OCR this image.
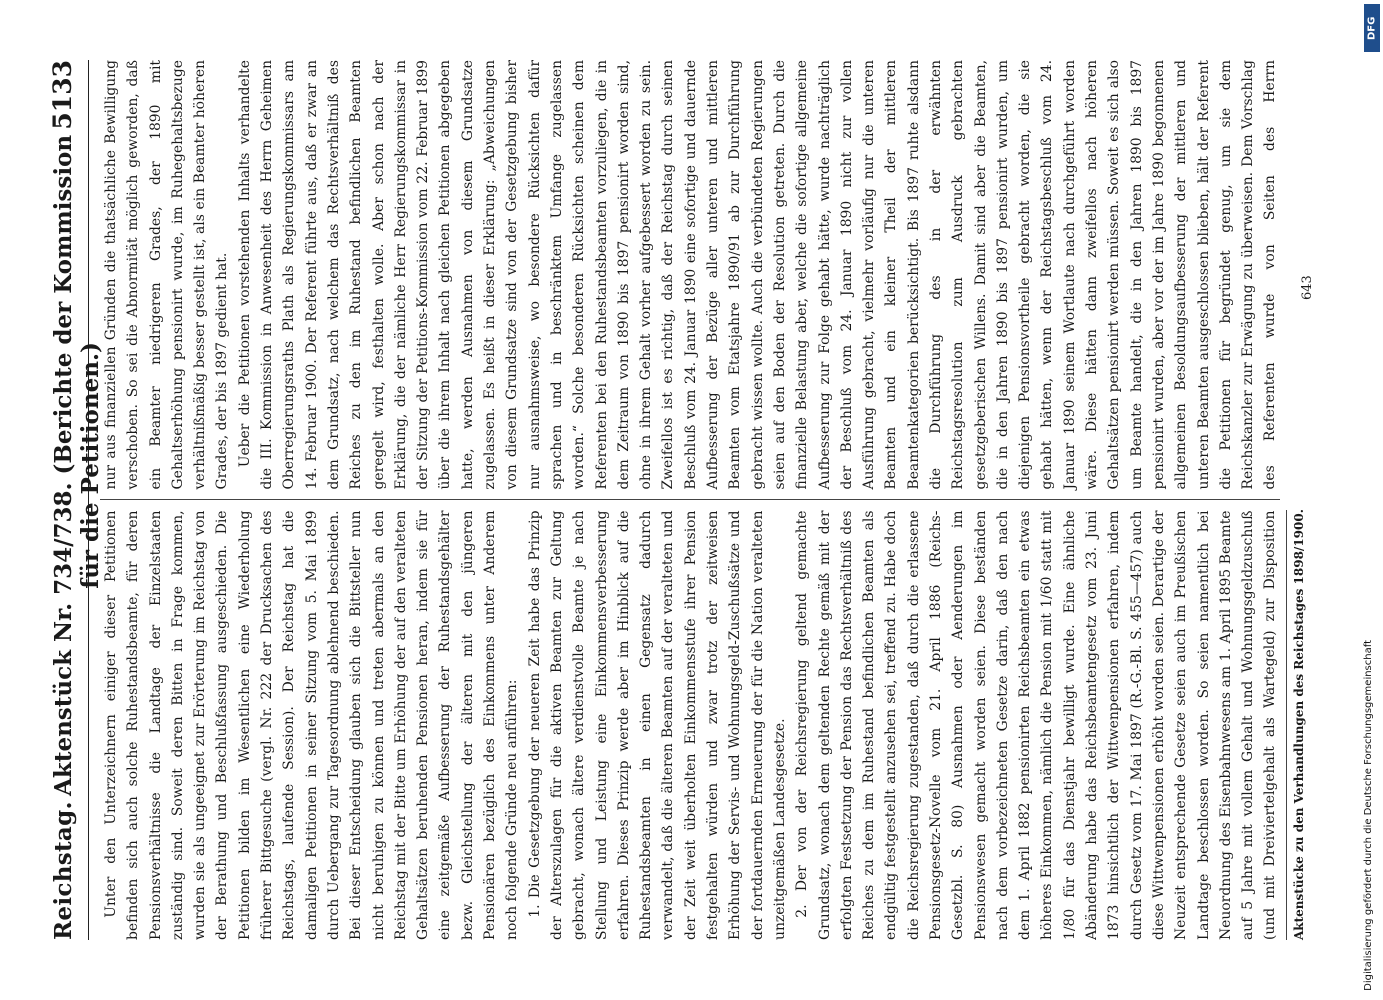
Reichstag.
Aktenstück Nr. 734/738. (Berichte der Kommission für die Petitionen.)
5133

Unter den Unterzeichnern einiger dieser Petitionen befinden sich auch solche Ruhestandsbeamte, für deren Pensionsverhältnisse die Landtage der Einzelstaaten zuständig sind. Soweit deren Bitten in Frage kommen, wurden sie als ungeeignet zur Erörterung im Reichstag von der Berathung und Beschlußfassung ausgeschieden. Die Petitionen bilden im Wesentlichen eine Wiederholung früherer Bittgesuche (vergl. Nr. 222 der Drucksachen des Reichstags, laufende Session). Der Reichstag hat die damaligen Petitionen in seiner Sitzung vom 5. Mai 1899 durch Uebergang zur Tagesordnung ablehnend beschieden. Bei dieser Entscheidung glauben sich die Bittsteller nun nicht beruhigen zu können und treten abermals an den Reichstag mit der Bitte um Erhöhung der auf den veralteten Gehaltsätzen beruhenden Pensionen heran, indem sie für eine zeitgemäße Aufbesserung der Ruhestandsgehälter bezw. Gleichstellung der älteren mit den jüngeren Pensionären bezüglich des Einkommens unter Anderem noch folgende Gründe neu anführen: 1. Die Gesetzgebung der neueren Zeit habe das Prinzip der Alterszulagen für die aktiven Beamten zur Geltung gebracht, wonach ältere verdienstvolle Beamte je nach Stellung und Leistung eine Einkommensverbesserung erfahren. Dieses Prinzip werde aber im Hinblick auf die Ruhestandsbeamten in einen Gegensatz dadurch verwandelt, daß die älteren Beamten auf der veralteten und der Zeit weit überholten Einkommensstufe ihrer Pension festgehalten würden und zwar trotz der zeitweisen Erhöhung der Servis- und Wohnungsgeld-Zuschußsätze und der fortdauernden Erneuerung der für die Nation veralteten unzeitgemäßen Landesgesetze. 2. Der von der Reichsregierung geltend gemachte Grundsatz, wonach dem geltenden Rechte gemäß mit der erfolgten Festsetzung der Pension das Rechtsverhältniß des Reiches zu dem im Ruhestand befindlichen Beamten als endgültig festgestellt anzusehen sei, treffend zu. Habe doch die Reichsregierung zugestanden, daß durch die erlassene Pensionsgesetz-Novelle vom 21. April 1886 (Reichs-Gesetzbl. S. 80) Ausnahmen oder Aenderungen im Pensionswesen gemacht worden seien. Diese beständen nach dem vorbezeichneten Gesetze darin, daß den nach dem 1. April 1882 pensionirten Reichsbeamten ein etwas höheres Einkommen, nämlich die Pension mit 1/60 statt mit 1/80 für das Dienstjahr bewilligt wurde. Eine ähnliche Abänderung habe das Reichsbeamtengesetz vom 23. Juni 1873 hinsichtlich der Wittwenpensionen erfahren, indem durch Gesetz vom 17. Mai 1897 (R.-G.-Bl. S. 455—457) auch diese Wittwenpensionen erhöht worden seien. Derartige der Neuzeit entsprechende Gesetze seien auch im Preußischen Landtage beschlossen worden. So seien namentlich bei Neuordnung des Eisenbahnwesens am 1. April 1895 Beamte auf 5 Jahre mit vollem Gehalt und Wohnungsgeldzuschuß (und mit Dreiviertelgehalt als Wartegeld) zur Disposition

nur aus finanziellen Gründen die thatsächliche Bewilligung verschoben. So sei die Abnormität möglich geworden, daß ein Beamter niedrigeren Grades, der 1890 mit Gehaltserhöhung pensionirt wurde, im Ruhegehaltsbezuge verhältnißmäßig besser gestellt ist, als ein Beamter höheren Grades, der bis 1897 gedient hat. Ueber die Petitionen vorstehenden Inhalts verhandelte die III. Kommission in Anwesenheit des Herrn Geheimen Oberregierungsraths Plath als Regierungskommissars am 14. Februar 1900. Der Referent führte aus, daß er zwar an dem Grundsatz, nach welchem das Rechtsverhältniß des Reiches zu den im Ruhestand befindlichen Beamten geregelt wird, festhalten wolle. Aber schon nach der Erklärung, die der nämliche Herr Regierungskommissar in der Sitzung der Petitions-Kommission vom 22. Februar 1899 über die ihrem Inhalt nach gleichen Petitionen abgegeben hatte, werden Ausnahmen von diesem Grundsatze zugelassen. Es heißt in dieser Erklärung: „Abweichungen von diesem Grundsatze sind von der Gesetzgebung bisher nur ausnahmsweise, wo besondere Rücksichten dafür sprachen und in beschränktem Umfange zugelassen worden.“ Solche besonderen Rücksichten scheinen dem Referenten bei den Ruhestandsbeamten vorzuliegen, die in dem Zeitraum von 1890 bis 1897 pensionirt worden sind, ohne in ihrem Gehalt vorher aufgebessert worden zu sein. Zweifellos ist es richtig, daß der Reichstag durch seinen Beschluß vom 24. Januar 1890 eine sofortige und dauernde Aufbesserung der Bezüge aller unteren und mittleren Beamten vom Etatsjahre 1890/91 ab zur Durchführung gebracht wissen wollte. Auch die verbündeten Regierungen seien auf den Boden der Resolution getreten. Durch die finanzielle Belastung aber, welche die sofortige allgemeine Aufbesserung zur Folge gehabt hätte, wurde nachträglich der Beschluß vom 24. Januar 1890 nicht zur vollen Ausführung gebracht, vielmehr vorläufig nur die unteren Beamten und ein kleiner Theil der mittleren Beamtenkategorien berücksichtigt. Bis 1897 ruhte alsdann die Durchführung des in der erwähnten Reichstagsresolution zum Ausdruck gebrachten gesetzgeberischen Willens. Damit sind aber die Beamten, die in den Jahren 1890 bis 1897 pensionirt wurden, um diejenigen Pensionsvortheile gebracht worden, die sie gehabt hätten, wenn der Reichstagsbeschluß vom 24. Januar 1890 seinem Wortlaute nach durchgeführt worden wäre. Diese hätten dann zweifellos nach höheren Gehaltsätzen pensionirt werden müssen. Soweit es sich also um Beamte handelt, die in den Jahren 1890 bis 1897 pensionirt wurden, aber vor der im Jahre 1890 begonnenen allgemeinen Besoldungsaufbesserung der mittleren und unteren Beamten ausgeschlossen blieben, hält der Referent die Petitionen für begründet genug, um sie dem Reichskanzler zur Erwägung zu überweisen. Dem Vorschlag des Referenten wurde von Seiten des Herrn

Aktenstücke zu den Verhandlungen des Reichstages 1898/1900.
643
DFG
Digitalisierung gefördert durch die Deutsche Forschungsgemeinschaft
